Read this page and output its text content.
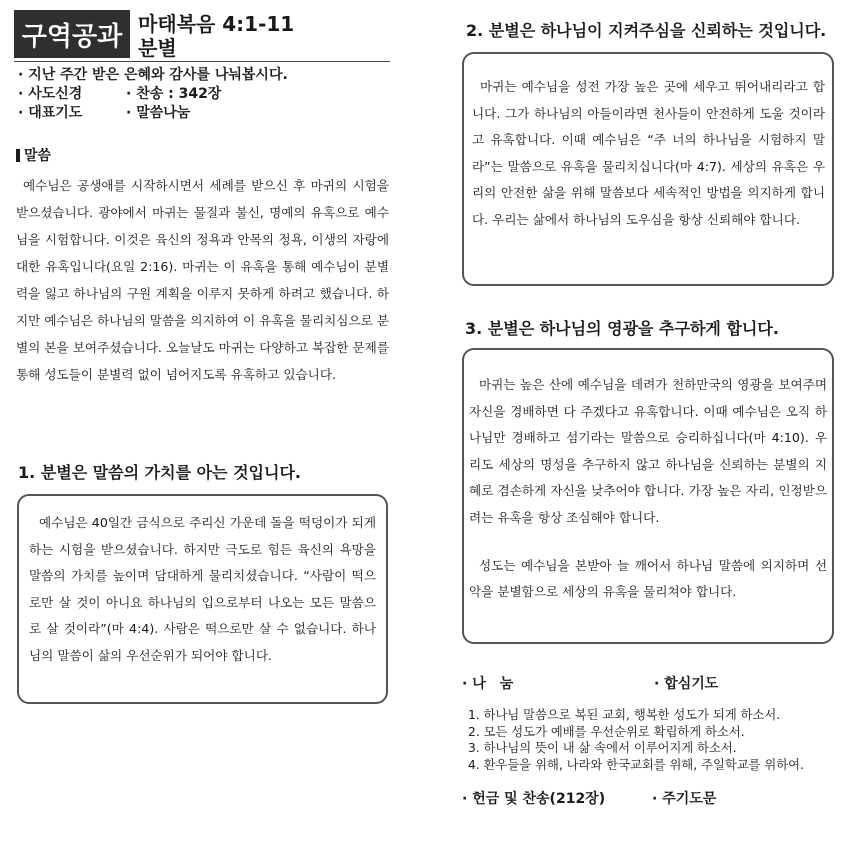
구역공과 마태복음 4:1-11
분별
· 지난 주간 받은 은혜와 감사를 나눠봅시다.
· 사도신경	· 찬송 : 342장
· 대표기도	· 말씀나눔
말씀
예수님은 공생애를 시작하시면서 세례를 받으신 후 마귀의 시험을 받으셨습니다. 광야에서 마귀는 물질과 불신, 명예의 유혹으로 예수님을 시험합니다. 이것은 육신의 정욕과 안목의 정욕, 이생의 자랑에 대한 유혹입니다(요일 2:16). 마귀는 이 유혹을 통해 예수님이 분별력을 잃고 하나님의 구원 계획을 이루지 못하게 하려고 했습니다. 하지만 예수님은 하나님의 말씀을 의지하여 이 유혹을 물리치심으로 분별의 본을 보여주셨습니다. 오늘날도 마귀는 다양하고 복잡한 문제를 통해 성도들이 분별력 없이 넘어지도록 유혹하고 있습니다.
1. 분별은 말씀의 가치를 아는 것입니다.

예수님은 40일간 금식으로 주리신 가운데 돌을 떡덩이가 되게 하는 시험을 받으셨습니다. 하지만 극도로 힘든 육신의 욕망을 말씀의 가치를 높이며 담대하게 물리치셨습니다. “사람이 떡으로만 살 것이 아니요 하나님의 입으로부터 나오는 모든 말씀으로 살 것이라”(마 4:4). 사람은 떡으로만 살 수 없습니다. 하나님의 말씀이 삶의 우선순위가 되어야 합니다.

2. 분별은 하나님이 지켜주심을 신뢰하는 것입니다.

마귀는 예수님을 성전 가장 높은 곳에 세우고 뛰어내리라고 합니다. 그가 하나님의 아들이라면 천사들이 안전하게 도울 것이라고 유혹합니다. 이때 예수님은 “주 너의 하나님을 시험하지 말라”는 말씀으로 유혹을 물리치십니다(마 4:7). 세상의 유혹은 우리의 안전한 삶을 위해 말씀보다 세속적인 방법을 의지하게 합니다. 우리는 삶에서 하나님의 도우심을 항상 신뢰해야 합니다.

3. 분별은 하나님의 영광을 추구하게 합니다.

마귀는 높은 산에 예수님을 데려가 천하만국의 영광을 보여주며 자신을 경배하면 다 주겠다고 유혹합니다. 이때 예수님은 오직 하나님만 경배하고 섬기라는 말씀으로 승리하십니다(마 4:10). 우리도 세상의 명성을 추구하지 않고 하나님을 신뢰하는 분별의 지혜로 겸손하게 자신을 낮추어야 합니다. 가장 높은 자리, 인정받으려는 유혹을 항상 조심해야 합니다.

성도는 예수님을 본받아 늘 깨어서 하나님 말씀에 의지하며 선악을 분별함으로 세상의 유혹을 물리쳐야 합니다.

· 나　눔	· 합심기도
1. 하나님 말씀으로 복된 교회, 행복한 성도가 되게 하소서.
2. 모든 성도가 예배를 우선순위로 확립하게 하소서.
3. 하나님의 뜻이 내 삶 속에서 이루어지게 하소서.
4. 환우들을 위해, 나라와 한국교회를 위해, 주일학교를 위하여.
· 헌금 및 찬송(212장)	· 주기도문
